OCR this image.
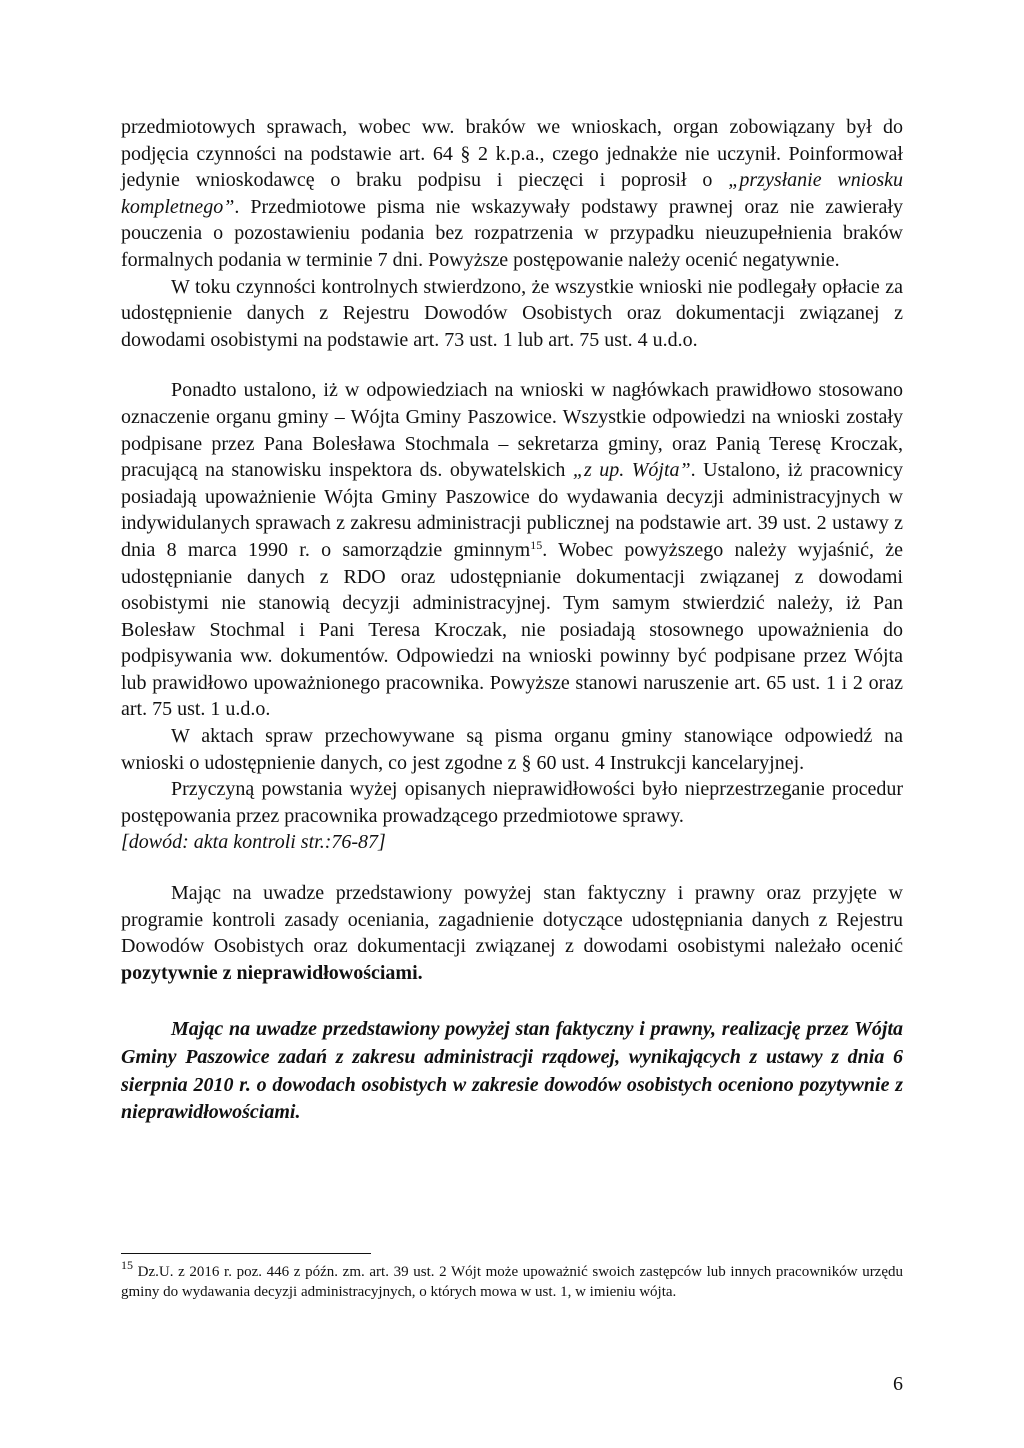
przedmiotowych sprawach, wobec ww. braków we wnioskach, organ zobowiązany był do podjęcia czynności na podstawie art. 64 § 2 k.p.a., czego jednakże nie uczynił. Poinformował jedynie wnioskodawcę o braku podpisu i pieczęci i poprosił o „przysłanie wniosku kompletnego”. Przedmiotowe pisma nie wskazywały podstawy prawnej oraz nie zawierały pouczenia o pozostawieniu podania bez rozpatrzenia w przypadku nieuzupełnienia braków formalnych podania w terminie 7 dni. Powyższe postępowanie należy ocenić negatywnie.

W toku czynności kontrolnych stwierdzono, że wszystkie wnioski nie podlegały opłacie za udostępnienie danych z Rejestru Dowodów Osobistych oraz dokumentacji związanej z dowodami osobistymi na podstawie art. 73 ust. 1 lub art. 75 ust. 4 u.d.o.

Ponadto ustalono, iż w odpowiedziach na wnioski w nagłówkach prawidłowo stosowano oznaczenie organu gminy – Wójta Gminy Paszowice. Wszystkie odpowiedzi na wnioski zostały podpisane przez Pana Bolesława Stochmala – sekretarza gminy, oraz Panią Teresę Kroczak, pracującą na stanowisku inspektora ds. obywatelskich „z up. Wójta”. Ustalono, iż pracownicy posiadają upoważnienie Wójta Gminy Paszowice do wydawania decyzji administracyjnych w indywidulanych sprawach z zakresu administracji publicznej na podstawie art. 39 ust. 2 ustawy z dnia 8 marca 1990 r. o samorządzie gminnym$^{15}$. Wobec powyższego należy wyjaśnić, że udostępnianie danych z RDO oraz udostępnianie dokumentacji związanej z dowodami osobistymi nie stanowią decyzji administracyjnej. Tym samym stwierdzić należy, iż Pan Bolesław Stochmal i Pani Teresa Kroczak, nie posiadają stosownego upoważnienia do podpisywania ww. dokumentów. Odpowiedzi na wnioski powinny być podpisane przez Wójta lub prawidłowo upoważnionego pracownika. Powyższe stanowi naruszenie art. 65 ust. 1 i 2 oraz art. 75 ust. 1 u.d.o.

W aktach spraw przechowywane są pisma organu gminy stanowiące odpowiedź na wnioski o udostępnienie danych, co jest zgodne z § 60 ust. 4 Instrukcji kancelaryjnej.

Przyczyną powstania wyżej opisanych nieprawidłowości było nieprzestrzeganie procedur postępowania przez pracownika prowadzącego przedmiotowe sprawy.

[dowód: akta kontroli str.:76-87]

Mając na uwadze przedstawiony powyżej stan faktyczny i prawny oraz przyjęte w programie kontroli zasady oceniania, zagadnienie dotyczące udostępniania danych z Rejestru Dowodów Osobistych oraz dokumentacji związanej z dowodami osobistymi należało ocenić pozytywnie z nieprawidłowościami.

Mając na uwadze przedstawiony powyżej stan faktyczny i prawny, realizację przez Wójta Gminy Paszowice zadań z zakresu administracji rządowej, wynikających z ustawy z dnia 6 sierpnia 2010 r. o dowodach osobistych w zakresie dowodów osobistych oceniono pozytywnie z nieprawidłowościami.

$^{15}$ Dz.U. z 2016 r. poz. 446 z późn. zm. art. 39 ust. 2 Wójt może upoważnić swoich zastępców lub innych pracowników urzędu gminy do wydawania decyzji administracyjnych, o których mowa w ust. 1, w imieniu wójta.

6
